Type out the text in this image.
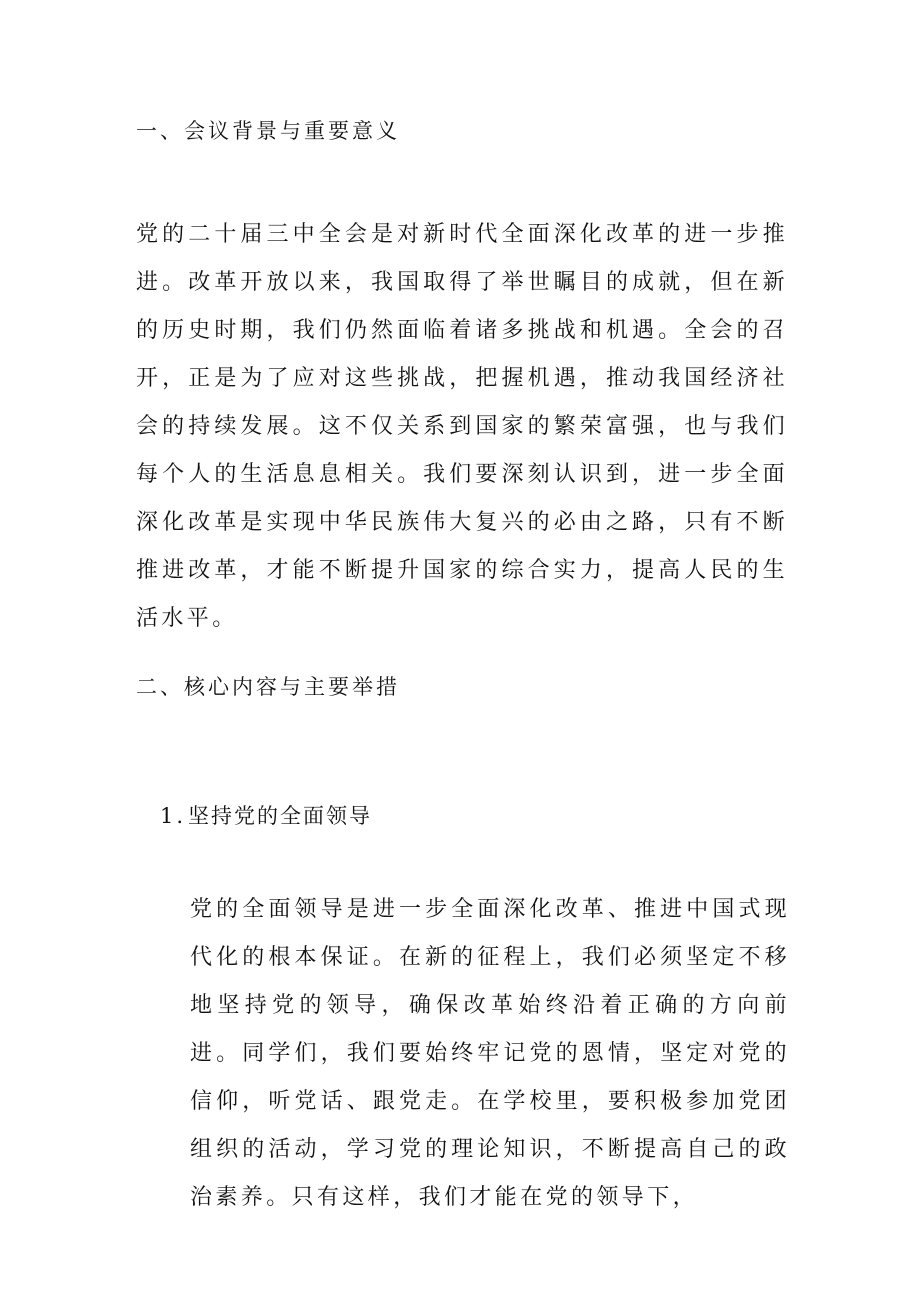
一、会议背景与重要意义

党的二十届三中全会是对新时代全面深化改革的进一步推进。改革开放以来，我国取得了举世瞩目的成就，但在新的历史时期，我们仍然面临着诸多挑战和机遇。全会的召开，正是为了应对这些挑战，把握机遇，推动我国经济社会的持续发展。这不仅关系到国家的繁荣富强，也与我们每个人的生活息息相关。我们要深刻认识到，进一步全面深化改革是实现中华民族伟大复兴的必由之路，只有不断推进改革，才能不断提升国家的综合实力，提高人民的生活水平。

二、核心内容与主要举措
1.坚持党的全面领导

党的全面领导是进一步全面深化改革、推进中国式现代化的根本保证。在新的征程上，我们必须坚定不移地坚持党的领导，确保改革始终沿着正确的方向前进。同学们，我们要始终牢记党的恩情，坚定对党的信仰，听党话、跟党走。在学校里，要积极参加党团组织的活动，学习党的理论知识，不断提高自己的政治素养。只有这样，我们才能在党的领导下，
